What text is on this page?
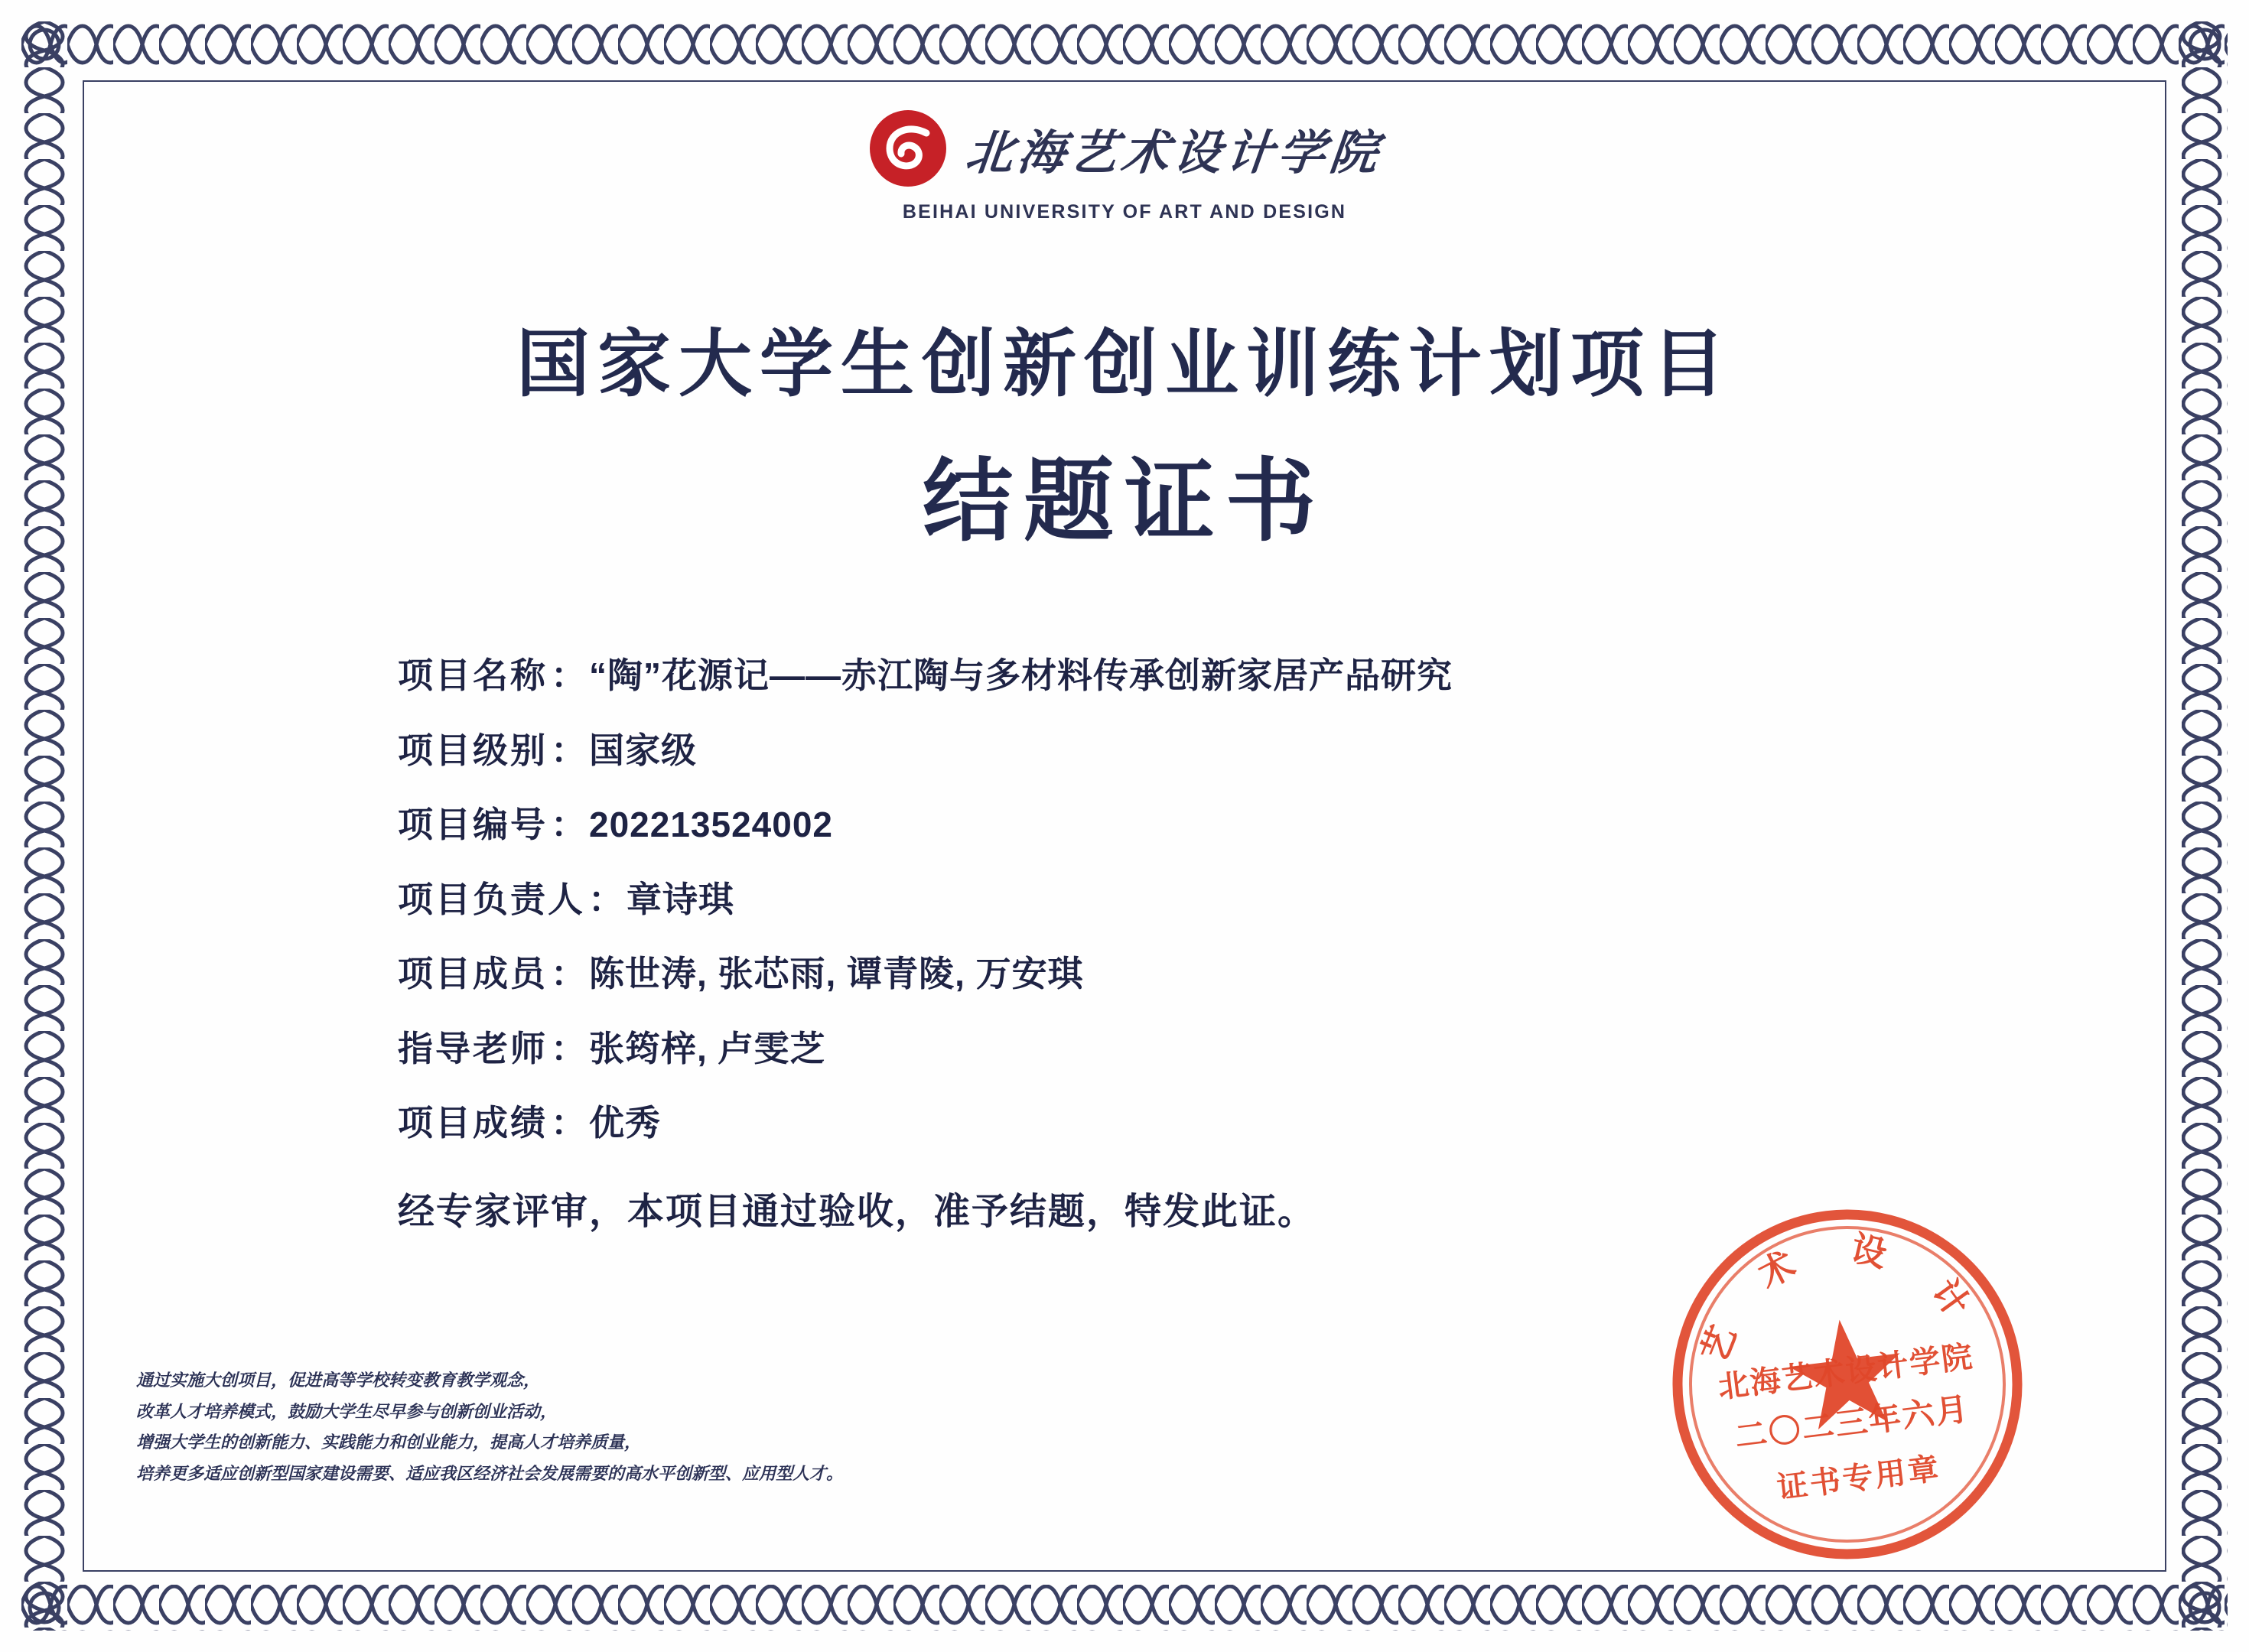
北海艺术设计学院
BEIHAI UNIVERSITY OF ART AND DESIGN
国家大学生创新创业训练计划项目
结题证书
项目名称 ： “陶”花源记——赤江陶与多材料传承创新家居产品研究
项目级别 ： 国家级
项目编号 ： 202213524002
项目负责人 ： 章诗琪
项目成员 ： 陈世涛, 张芯雨, 谭青陵, 万安琪
指导老师 ： 张筠梓, 卢雯芝
项目成绩 ： 优秀
经专家评审，本项目通过验收，准予结题，特发此证。
通过实施大创项目，促进高等学校转变教育教学观念，
改革人才培养模式，鼓励大学生尽早参与创新创业活动，
增强大学生的创新能力、实践能力和创业能力，提高人才培养质量，
培养更多适应创新型国家建设需要、适应我区经济社会发展需要的高水平创新型、应用型人才。
艺 术 设 计
北海艺术设计学院
二〇二三年六月
证书专用章
